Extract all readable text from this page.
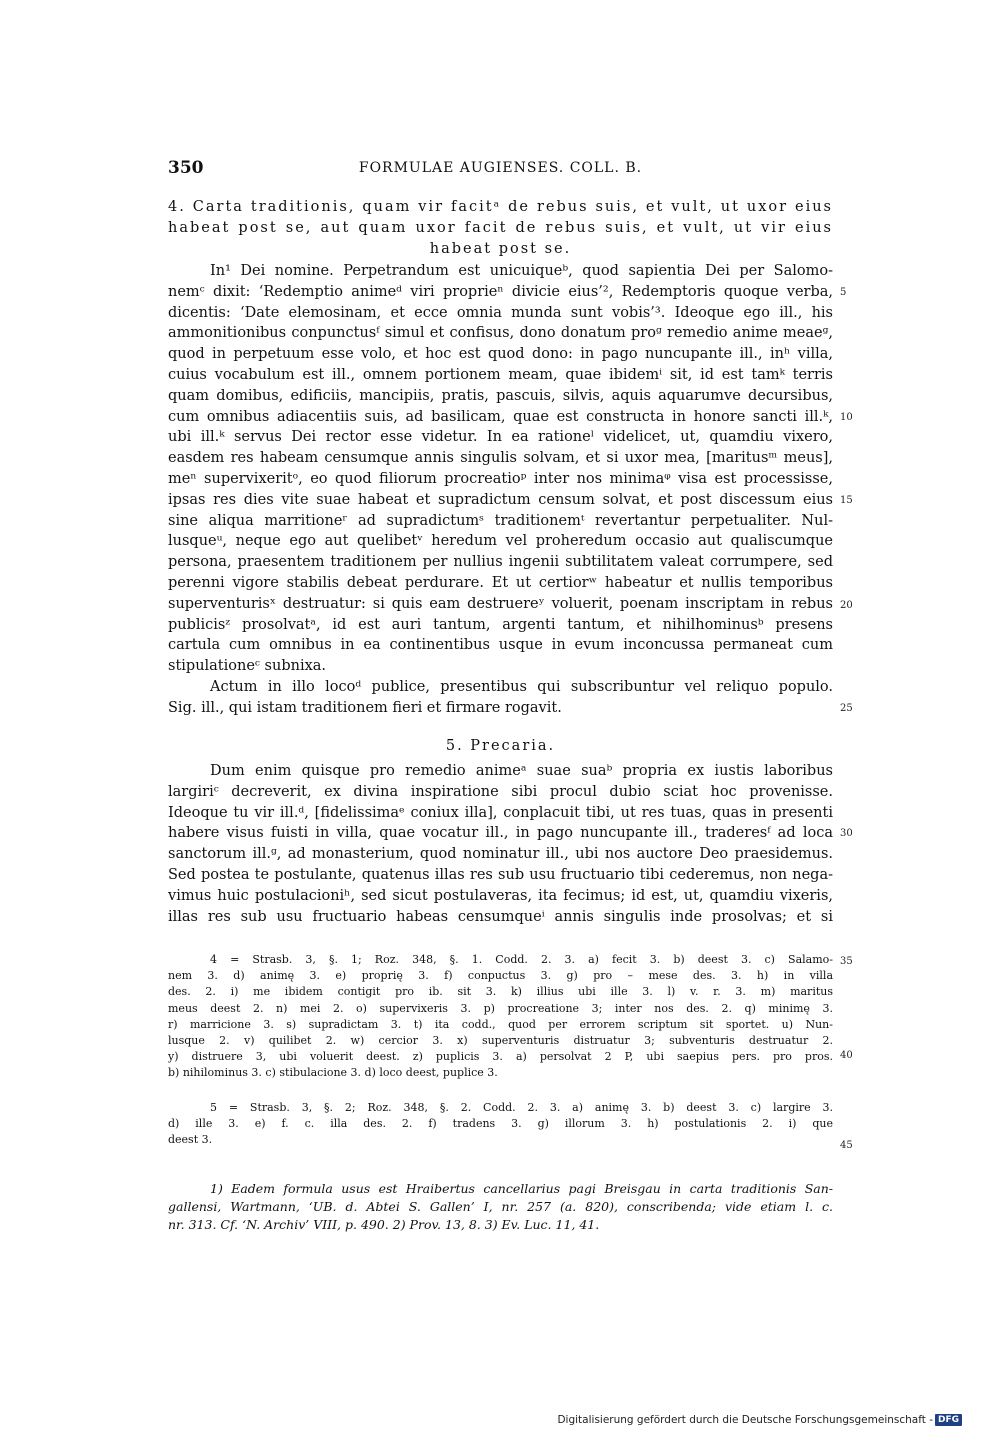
350	FORMULAE AUGIENSES. COLL. B.
4. Carta traditionis, quam vir facitᵃ de rebus suis, et vult, ut uxor eius
habeat post se, aut quam uxor facit de rebus suis, et vult, ut vir eius
habeat post se.
In¹ Dei nomine. Perpetrandum est unicuiqueᵇ, quod sapientia Dei per Salomo-
nemᶜ dixit: ‘Redemptio animeᵈ viri proprieⁿ divicie eius’², Redemptoris quoque verba,
dicentis: ‘Date elemosinam, et ecce omnia munda sunt vobis’³. Ideoque ego ill., his
ammonitionibus conpunctusᶠ simul et confisus, dono donatum proᵍ remedio anime meaeᵍ,
quod in perpetuum esse volo, et hoc est quod dono: in pago nuncupante ill., inʰ villa,
cuius vocabulum est ill., omnem portionem meam, quae ibidemⁱ sit, id est tamᵏ terris
quam domibus, edificiis, mancipiis, pratis, pascuis, silvis, aquis aquarumve decursibus,
cum omnibus adiacentiis suis, ad basilicam, quae est constructa in honore sancti ill.ᵏ,
ubi ill.ᵏ servus Dei rector esse videtur. In ea rationeˡ videlicet, ut, quamdiu vixero,
easdem res habeam censumque annis singulis solvam, et si uxor mea, [maritusᵐ meus],
meⁿ supervixeritᵒ, eo quod filiorum procreatioᵖ inter nos minimaᵠ visa est processisse,
ipsas res dies vite suae habeat et supradictum censum solvat, et post discessum eius
sine aliqua marritioneʳ ad supradictumˢ traditionemᵗ revertantur perpetualiter. Nul-
lusqueᵘ, neque ego aut quelibetᵛ heredum vel proheredum occasio aut qualiscumque
persona, praesentem traditionem per nullius ingenii subtilitatem valeat corrumpere, sed
perenni vigore stabilis debeat perdurare. Et ut certiorʷ habeatur et nullis temporibus
superventurisˣ destruatur: si quis eam destruereʸ voluerit, poenam inscriptam in rebus
publicisᶻ prosolvatᵃ, id est auri tantum, argenti tantum, et nihilhominusᵇ presens
cartula cum omnibus in ea continentibus usque in evum inconcussa permaneat cum
stipulationeᶜ subnixa.
Actum in illo locoᵈ publice, presentibus qui subscribuntur vel reliquo populo.
Sig. ill., qui istam traditionem fieri et firmare rogavit.
5. Precaria.
Dum enim quisque pro remedio animeᵃ suae suaᵇ propria ex iustis laboribus
largiriᶜ decreverit, ex divina inspiratione sibi procul dubio sciat hoc provenisse.
Ideoque tu vir ill.ᵈ, [fidelissimaᵉ coniux illa], conplacuit tibi, ut res tuas, quas in presenti
habere visus fuisti in villa, quae vocatur ill., in pago nuncupante ill., traderesᶠ ad loca
sanctorum ill.ᵍ, ad monasterium, quod nominatur ill., ubi nos auctore Deo praesidemus.
Sed postea te postulante, quatenus illas res sub usu fructuario tibi cederemus, non nega-
vimus huic postulacioniʰ, sed sicut postulaveras, ita fecimus; id est, ut, quamdiu vixeris,
illas res sub usu fructuario habeas censumqueⁱ annis singulis inde prosolvas; et si
4 = Strasb. 3, §. 1; Roz. 348, §. 1. Codd. 2. 3. a) fecit 3. b) deest 3. c) Salamo-
nem 3. d) animę 3. e) proprię 3. f) conpuctus 3. g) pro – mese des. 3. h) in villa
des. 2. i) me ibidem contigit pro ib. sit 3. k) illius ubi ille 3. l) v. r. 3. m) maritus
meus deest 2. n) mei 2. o) supervixeris 3. p) procreatione 3; inter nos des. 2. q) minimę 3.
r) marricione 3. s) supradictam 3. t) ita codd., quod per errorem scriptum sit sportet. u) Nun-
lusque 2. v) quilibet 2. w) cercior 3. x) superventuris distruatur 3; subventuris destruatur 2.
y) distruere 3, ubi voluerit deest. z) puplicis 3. a) persolvat 2 P, ubi saepius pers. pro pros.
b) nihilominus 3. c) stibulacione 3. d) loco deest, puplice 3.
5 = Strasb. 3, §. 2; Roz. 348, §. 2. Codd. 2. 3. a) animę 3. b) deest 3. c) largire 3.
d) ille 3. e) f. c. illa des. 2. f) tradens 3. g) illorum 3. h) postulationis 2. i) que
deest 3.
1) Eadem formula usus est Hraibertus cancellarius pagi Breisgau in carta traditionis San-
gallensi, Wartmann, ‘UB. d. Abtei S. Gallen’ I, nr. 257 (a. 820), conscribenda; vide etiam l. c.
nr. 313. Cf. ‘N. Archiv’ VIII, p. 490. 2) Prov. 13, 8. 3) Ev. Luc. 11, 41.
5
10
15
20
25
30
35
40
45
Digitalisierung gefördert durch die Deutsche Forschungsgemeinschaft - DFG
